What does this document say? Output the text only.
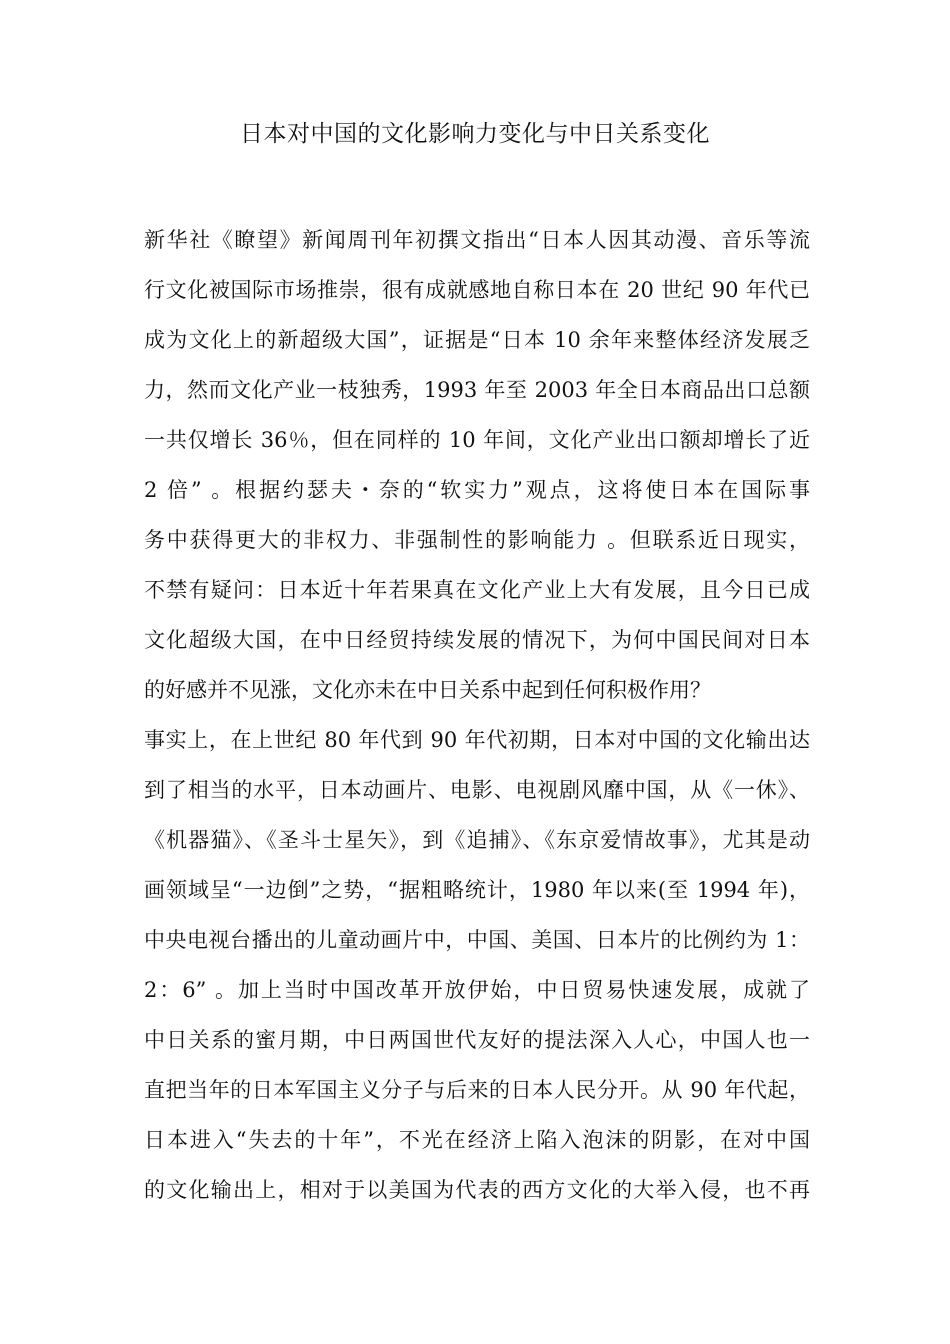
日本对中国的文化影响力变化与中日关系变化
新华社《瞭望》新闻周刊年初撰文指出“日本人因其动漫、音乐等流
行文化被国际市场推崇，很有成就感地自称日本在 20 世纪 90 年代已
成为文化上的新超级大国”，证据是“日本 10 余年来整体经济发展乏
力，然而文化产业一枝独秀，1993 年至 2003 年全日本商品出口总额
一共仅增长 36％，但在同样的 10 年间，文化产业出口额却增长了近
2 倍” 。根据约瑟夫・奈的“软实力”观点，这将使日本在国际事
务中获得更大的非权力、非强制性的影响能力 。但联系近日现实，
不禁有疑问：日本近十年若果真在文化产业上大有发展，且今日已成
文化超级大国，在中日经贸持续发展的情况下，为何中国民间对日本
的好感并不见涨，文化亦未在中日关系中起到任何积极作用？
事实上，在上世纪 80 年代到 90 年代初期，日本对中国的文化输出达
到了相当的水平，日本动画片、电影、电视剧风靡中国，从《一休》、
《机器猫》、《圣斗士星矢》，到《追捕》、《东京爱情故事》，尤其是动
画领域呈“一边倒”之势，“据粗略统计，1980 年以来(至 1994 年)，
中央电视台播出的儿童动画片中，中国、美国、日本片的比例约为 1：
2：6” 。加上当时中国改革开放伊始，中日贸易快速发展，成就了
中日关系的蜜月期，中日两国世代友好的提法深入人心，中国人也一
直把当年的日本军国主义分子与后来的日本人民分开。从 90 年代起，
日本进入“失去的十年”，不光在经济上陷入泡沫的阴影，在对中国
的文化输出上，相对于以美国为代表的西方文化的大举入侵，也不再
